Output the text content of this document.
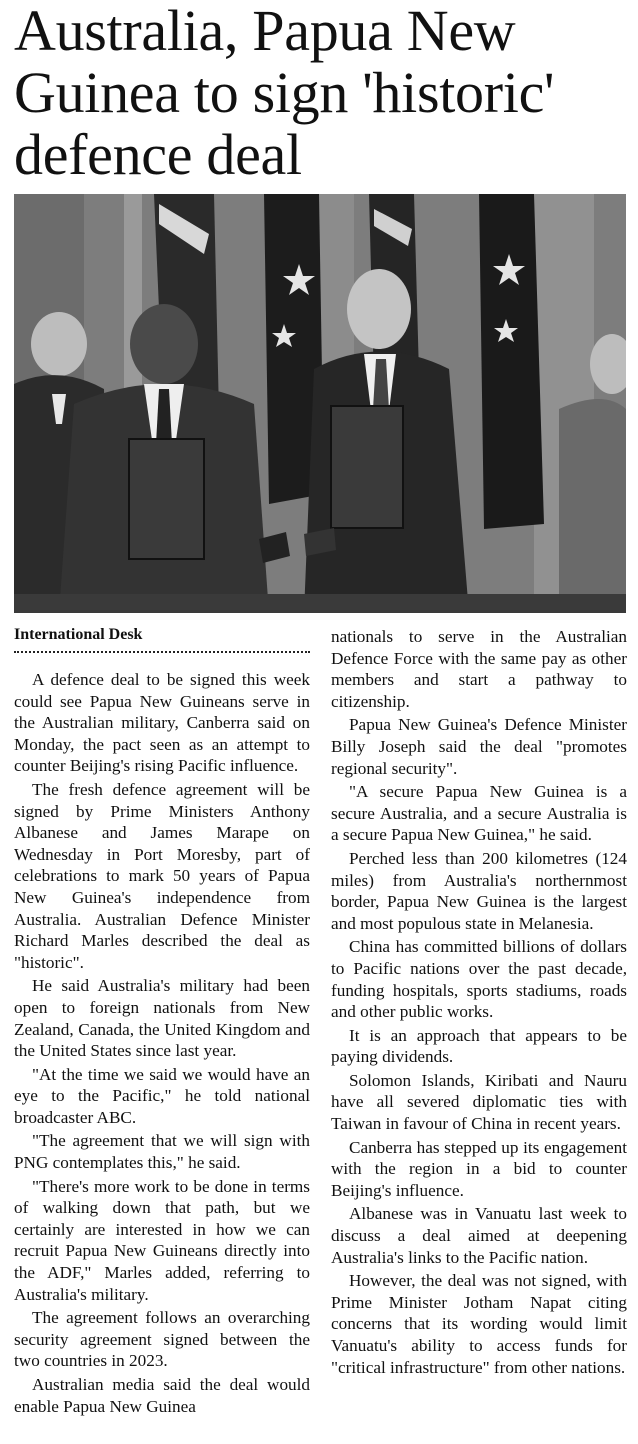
Australia, Papua New Guinea to sign 'historic' defence deal
International Desk

A defence deal to be signed this week could see Papua New Guineans serve in the Australian military, Canberra said on Monday, the pact seen as an attempt to counter Beijing's rising Pacific influence.

The fresh defence agreement will be signed by Prime Ministers Anthony Albanese and James Marape on Wednesday in Port Moresby, part of celebrations to mark 50 years of Papua New Guinea's independence from Australia. Australian Defence Minister Richard Marles described the deal as "historic".

He said Australia's military had been open to foreign nationals from New Zealand, Canada, the United Kingdom and the United States since last year.

"At the time we said we would have an eye to the Pacific," he told national broadcaster ABC.

"The agreement that we will sign with PNG contemplates this," he said.

"There's more work to be done in terms of walking down that path, but we certainly are interested in how we can recruit Papua New Guineans directly into the ADF," Marles added, referring to Australia's military.

The agreement follows an overarching security agreement signed between the two countries in 2023.

Australian media said the deal would enable Papua New Guinea

nationals to serve in the Australian Defence Force with the same pay as other members and start a pathway to citizenship.

Papua New Guinea's Defence Minister Billy Joseph said the deal "promotes regional security".

"A secure Papua New Guinea is a secure Australia, and a secure Australia is a secure Papua New Guinea," he said.

Perched less than 200 kilometres (124 miles) from Australia's northernmost border, Papua New Guinea is the largest and most populous state in Melanesia.

China has committed billions of dollars to Pacific nations over the past decade, funding hospitals, sports stadiums, roads and other public works.

It is an approach that appears to be paying dividends.

Solomon Islands, Kiribati and Nauru have all severed diplomatic ties with Taiwan in favour of China in recent years.

Canberra has stepped up its engagement with the region in a bid to counter Beijing's influence.

Albanese was in Vanuatu last week to discuss a deal aimed at deepening Australia's links to the Pacific nation.

However, the deal was not signed, with Prime Minister Jotham Napat citing concerns that its wording would limit Vanuatu's ability to access funds for "critical infrastructure" from other nations.
